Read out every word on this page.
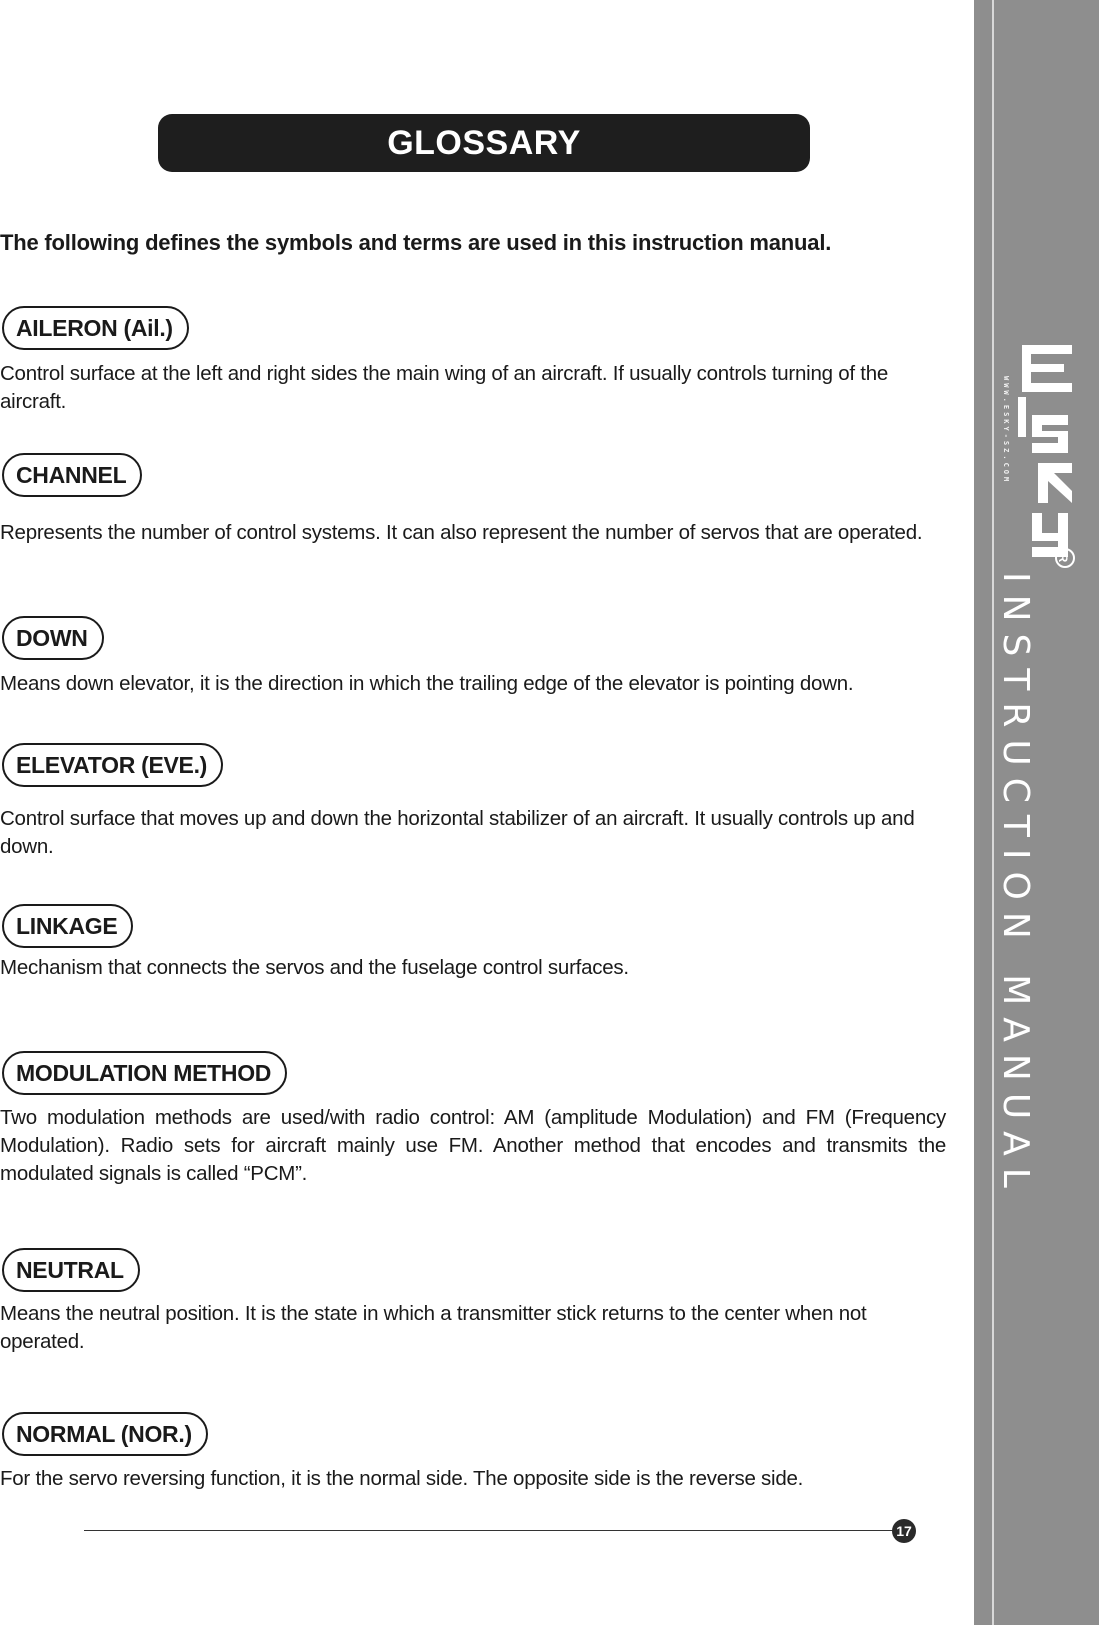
GLOSSARY
The following defines the symbols and terms are used in this instruction manual.
AILERON (Ail.)
Control surface at the left and right sides the main wing of an aircraft. If usually controls turning of the aircraft.
CHANNEL
Represents the number of control systems. It can also represent the number of servos that are operated.
DOWN
Means down elevator, it is the direction in which the trailing edge of the elevator is pointing down.
ELEVATOR (EVE.)
Control surface that moves up and down the horizontal stabilizer of an aircraft. It usually controls up and down.
LINKAGE
Mechanism that connects the servos and the fuselage control surfaces.
MODULATION METHOD
Two modulation methods are used/with radio control: AM (amplitude Modulation) and FM (Frequency Modulation). Radio sets for aircraft mainly use FM. Another method that encodes and transmits the modulated signals is called “PCM”.
NEUTRAL
Means the neutral position. It is the state in which a transmitter stick returns to the center when not operated.
NORMAL (NOR.)
For the servo reversing function, it is the normal side. The opposite side is the reverse side.
17
WWW.ESKY-SZ.COM
R
INSTRUCTION MANUAL
